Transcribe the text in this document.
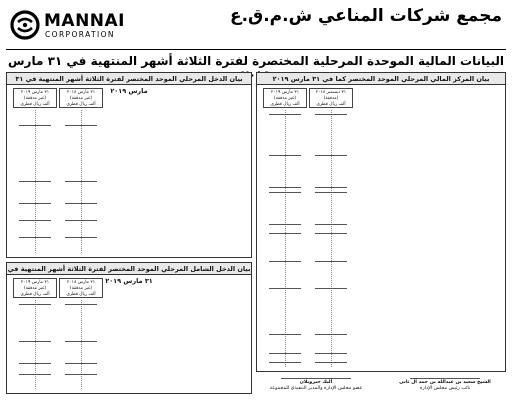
MANNAI
CORPORATION
مجمع شركات المناعي ش.م.ق.ع
البيانات المالية الموحدة المرحلية المختصرة لفترة الثلاثة أشهر المنتهية في ٣١ مارس
بيان المركز المالي المرحلي الموحد المختصر كما في ٣١ مارس ٢٠١٩
٣١ مارس ٢٠١٩
(غير مدققة)
ألف ريال قطري
٣١ ديسمبر ٢٠١٨
(مدققة)
ألف ريال قطري
بيان الدخل المرحلي الموحد المختصر لفترة الثلاثة أشهر المنتهية في ٣١ مارس ٢٠١٩
٣١ مارس ٢٠١٩
(غير مدققة)
ألف ريال قطري
٣١ مارس ٢٠١٨
(غير مدققة)
ألف ريال قطري
بيان الدخل الشامل المرحلي الموحد المختصر لفترة الثلاثة أشهر المنتهية في ٣١ مارس ٢٠١٩
٣١ مارس ٢٠١٩
(غير مدققة)
ألف ريال قطري
٣١ مارس ٢٠١٨
(غير مدققة)
ألف ريال قطري
ألبك جيرويلان
عضو مجلس الإدارة والمدير التنفيذي للمجموعة
الشيخ سعيد بن عبدالله بن حمد آل ثاني
نائب رئيس مجلس الإدارة
